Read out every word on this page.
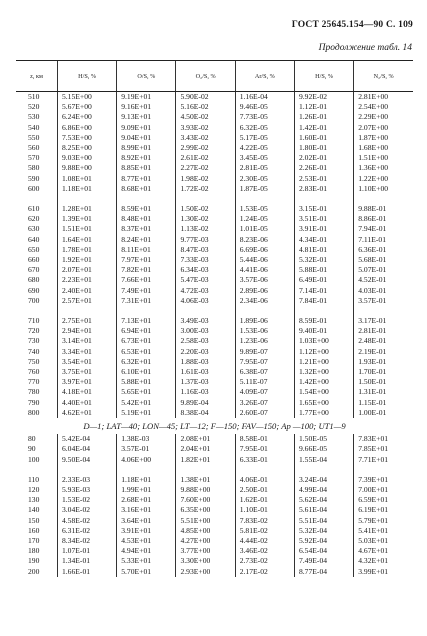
ГОСТ 25645.154—90 С. 109
Продолжение табл. 14
z, км	H/S, %	O/S, %	O₂/S, %	Ar/S, %	H/S, %	N₂/S, %
510	5.15E+00	9.19E+01	5.90E-02	1.16E-04	9.92E-02	2.81E+00
520	5.67E+00	9.16E+01	5.16E-02	9.46E-05	1.12E-01	2.54E+00
530	6.24E+00	9.13E+01	4.50E-02	7.73E-05	1.26E-01	2.29E+00
540	6.86E+00	9.09E+01	3.93E-02	6.32E-05	1.42E-01	2.07E+00
550	7.53E+00	9.04E+01	3.43E-02	5.17E-05	1.60E-01	1.87E+00
560	8.25E+00	8.99E+01	2.99E-02	4.22E-05	1.80E-01	1.68E+00
570	9.03E+00	8.92E+01	2.61E-02	3.45E-05	2.02E-01	1.51E+00
580	9.88E+00	8.85E+01	2.27E-02	2.81E-05	2.26E-01	1.36E+00
590	1.08E+01	8.77E+01	1.98E-02	2.30E-05	2.53E-01	1.22E+00
600	1.18E+01	8.68E+01	1.72E-02	1.87E-05	2.83E-01	1.10E+00

610	1.28E+01	8.59E+01	1.50E-02	1.53E-05	3.15E-01	9.88E-01
620	1.39E+01	8.48E+01	1.30E-02	1.24E-05	3.51E-01	8.86E-01
630	1.51E+01	8.37E+01	1.13E-02	1.01E-05	3.91E-01	7.94E-01
640	1.64E+01	8.24E+01	9.77E-03	8.23E-06	4.34E-01	7.11E-01
650	1.78E+01	8.11E+01	8.47E-03	6.69E-06	4.81E-01	6.36E-01
660	1.92E+01	7.97E+01	7.33E-03	5.44E-06	5.32E-01	5.68E-01
670	2.07E+01	7.82E+01	6.34E-03	4.41E-06	5.88E-01	5.07E-01
680	2.23E+01	7.66E+01	5.47E-03	3.57E-06	6.49E-01	4.52E-01
690	2.40E+01	7.49E+01	4.72E-03	2.89E-06	7.14E-01	4.03E-01
700	2.57E+01	7.31E+01	4.06E-03	2.34E-06	7.84E-01	3.57E-01

710	2.75E+01	7.13E+01	3.49E-03	1.89E-06	8.59E-01	3.17E-01
720	2.94E+01	6.94E+01	3.00E-03	1.53E-06	9.40E-01	2.81E-01
730	3.14E+01	6.73E+01	2.58E-03	1.23E-06	1.03E+00	2.48E-01
740	3.34E+01	6.53E+01	2.20E-03	9.89E-07	1.12E+00	2.19E-01
750	3.54E+01	6.32E+01	1.88E-03	7.95E-07	1.21E+00	1.93E-01
760	3.75E+01	6.10E+01	1.61E-03	6.38E-07	1.32E+00	1.70E-01
770	3.97E+01	5.88E+01	1.37E-03	5.11E-07	1.42E+00	1.50E-01
780	4.18E+01	5.65E+01	1.16E-03	4.09E-07	1.54E+00	1.31E-01
790	4.40E+01	5.42E+01	9.89E-04	3.26E-07	1.65E+00	1.15E-01
800	4.62E+01	5.19E+01	8.38E-04	2.60E-07	1.77E+00	1.00E-01
D—1; LAT—40; LON—45; LT—12; F—150; FAV—150; Ap —100; UT1—9						
80	5.42E-04	1.38E-03	2.08E+01	8.58E-01	1.50E-05	7.83E+01
90	6.04E-04	3.57E-01	2.04E+01	7.95E-01	9.66E-05	7.85E+01
100	9.50E-04	4.06E+00	1.82E+01	6.33E-01	1.55E-04	7.71E+01

110	2.33E-03	1.18E+01	1.38E+01	4.06E-01	3.24E-04	7.39E+01
120	5.93E-03	1.99E+01	9.88E+00	2.50E-01	4.99E-04	7.00E+01
130	1.53E-02	2.68E+01	7.60E+00	1.62E-01	5.62E-04	6.59E+01
140	3.04E-02	3.16E+01	6.35E+00	1.10E-01	5.61E-04	6.19E+01
150	4.58E-02	3.64E+01	5.51E+00	7.83E-02	5.51E-04	5.79E+01
160	6.31E-02	3.91E+01	4.85E+00	5.81E-02	5.32E-04	5.41E+01
170	8.34E-02	4.53E+01	4.27E+00	4.44E-02	5.92E-04	5.03E+01
180	1.07E-01	4.94E+01	3.77E+00	3.46E-02	6.54E-04	4.67E+01
190	1.34E-01	5.33E+01	3.30E+00	2.73E-02	7.49E-04	4.32E+01
200	1.66E-01	5.70E+01	2.93E+00	2.17E-02	8.77E-04	3.99E+01
